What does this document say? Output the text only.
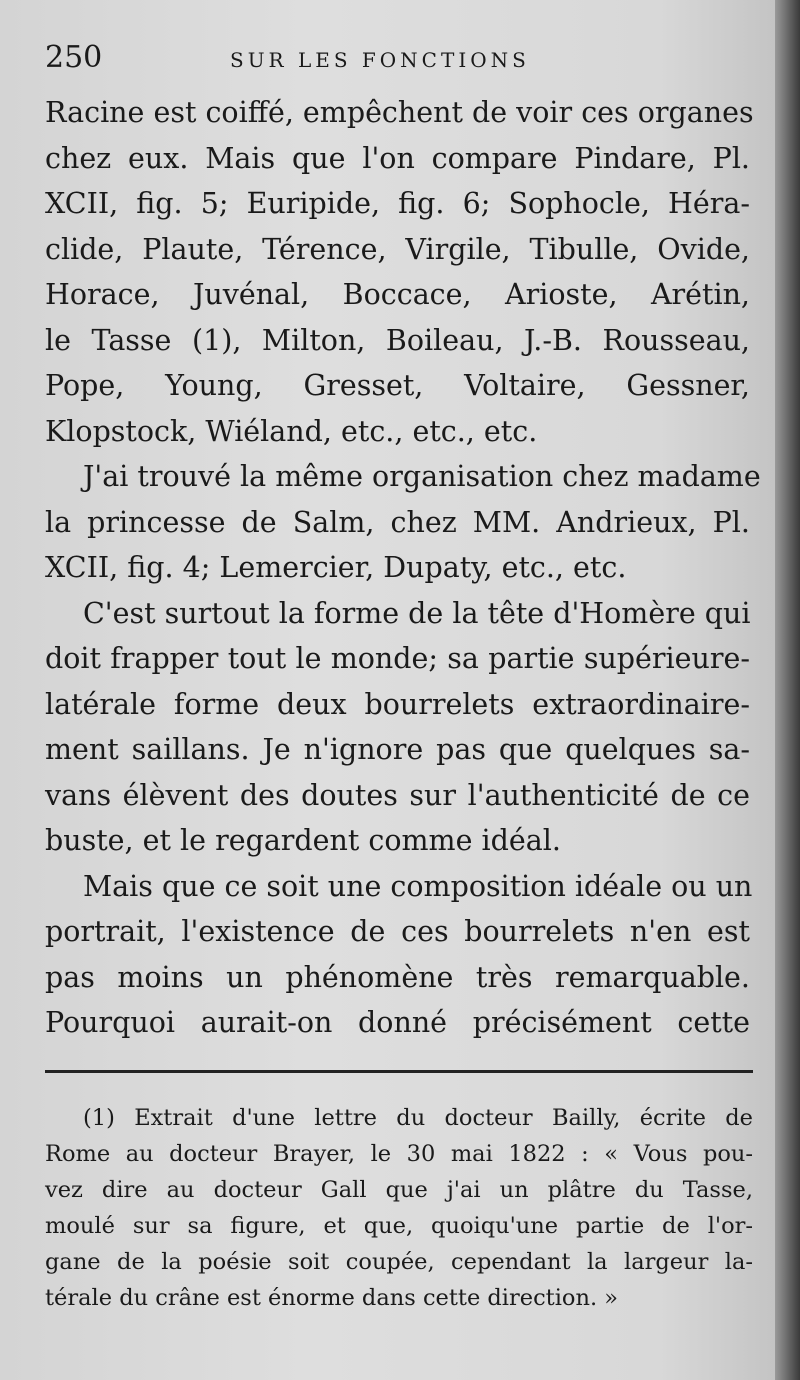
250	SUR LES FONCTIONS
Racine est coiffé, empêchent de voir ces organes
chez eux. Mais que l'on compare Pindare, Pl.
XCII, fig. 5; Euripide, fig. 6; Sophocle, Héra-
clide, Plaute, Térence, Virgile, Tibulle, Ovide,
Horace, Juvénal, Boccace, Arioste, Arétin,
le Tasse (1), Milton, Boileau, J.-B. Rousseau,
Pope, Young, Gresset, Voltaire, Gessner,
Klopstock, Wiéland, etc., etc., etc.
J'ai trouvé la même organisation chez madame
la princesse de Salm, chez MM. Andrieux, Pl.
XCII, fig. 4; Lemercier, Dupaty, etc., etc.
C'est surtout la forme de la tête d'Homère qui
doit frapper tout le monde; sa partie supérieure-
latérale forme deux bourrelets extraordinaire-
ment saillans. Je n'ignore pas que quelques sa-
vans élèvent des doutes sur l'authenticité de ce
buste, et le regardent comme idéal.
Mais que ce soit une composition idéale ou un
portrait, l'existence de ces bourrelets n'en est
pas moins un phénomène très remarquable.
Pourquoi aurait-on donné précisément cette
(1) Extrait d'une lettre du docteur Bailly, écrite de
Rome au docteur Brayer, le 30 mai 1822 : « Vous pou-
vez dire au docteur Gall que j'ai un plâtre du Tasse,
moulé sur sa figure, et que, quoiqu'une partie de l'or-
gane de la poésie soit coupée, cependant la largeur la-
térale du crâne est énorme dans cette direction. »
